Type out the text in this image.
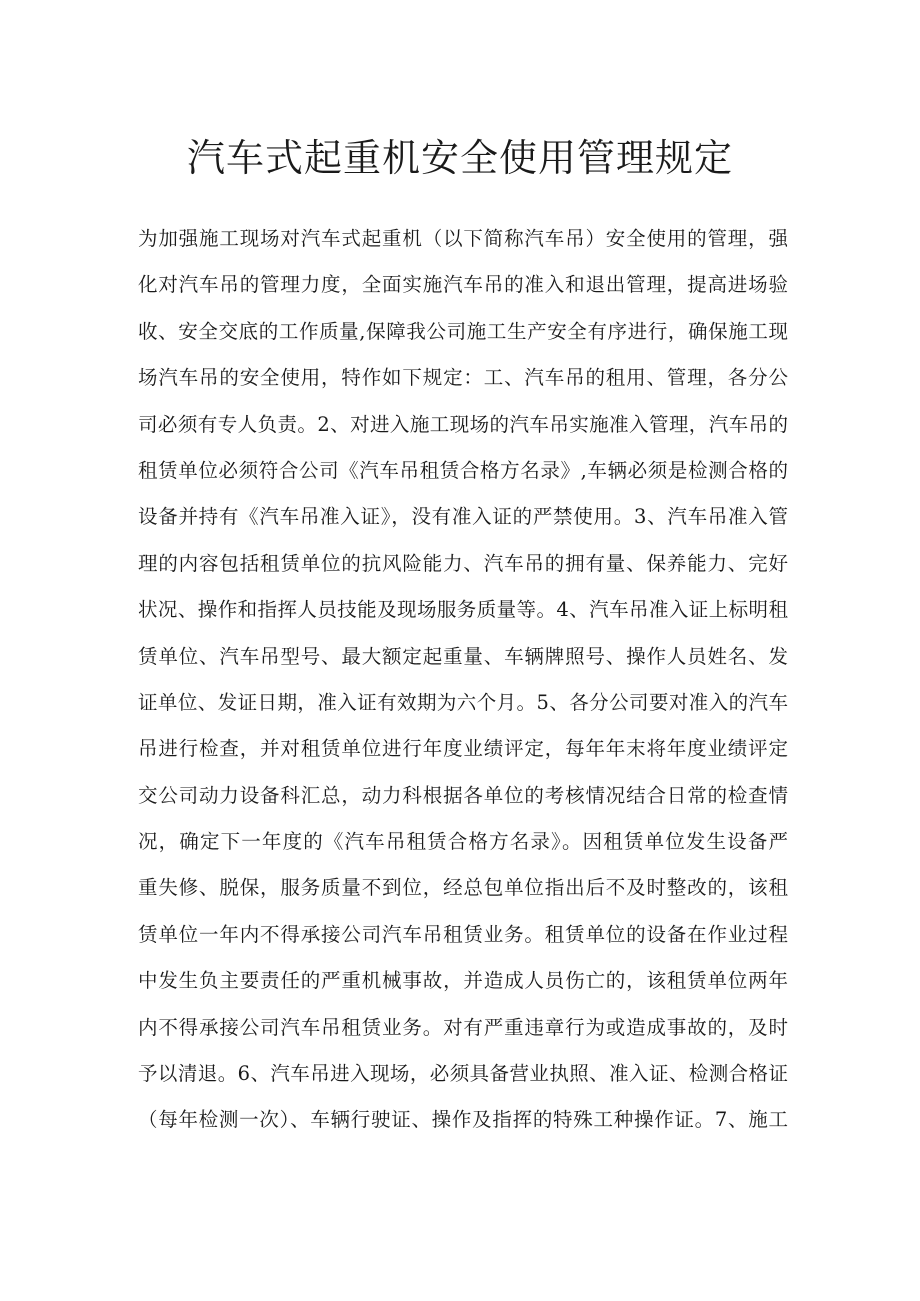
汽车式起重机安全使用管理规定
为加强施工现场对汽车式起重机（以下简称汽车吊）安全使用的管理，强
化对汽车吊的管理力度，全面实施汽车吊的准入和退出管理，提高进场验
收、安全交底的工作质量,保障我公司施工生产安全有序进行，确保施工现
场汽车吊的安全使用，特作如下规定：工、汽车吊的租用、管理，各分公
司必须有专人负责。2、对进入施工现场的汽车吊实施准入管理，汽车吊的
租赁单位必须符合公司《汽车吊租赁合格方名录》,车辆必须是检测合格的
设备并持有《汽车吊准入证》，没有准入证的严禁使用。3、汽车吊准入管
理的内容包括租赁单位的抗风险能力、汽车吊的拥有量、保养能力、完好
状况、操作和指挥人员技能及现场服务质量等。4、汽车吊准入证上标明租
赁单位、汽车吊型号、最大额定起重量、车辆牌照号、操作人员姓名、发
证单位、发证日期，准入证有效期为六个月。5、各分公司要对准入的汽车
吊进行检查，并对租赁单位进行年度业绩评定，每年年末将年度业绩评定
交公司动力设备科汇总，动力科根据各单位的考核情况结合日常的检查情
况，确定下一年度的《汽车吊租赁合格方名录》。因租赁单位发生设备严
重失修、脱保，服务质量不到位，经总包单位指出后不及时整改的，该租
赁单位一年内不得承接公司汽车吊租赁业务。租赁单位的设备在作业过程
中发生负主要责任的严重机械事故，并造成人员伤亡的，该租赁单位两年
内不得承接公司汽车吊租赁业务。对有严重违章行为或造成事故的，及时
予以清退。6、汽车吊进入现场，必须具备营业执照、准入证、检测合格证
（每年检测一次）、车辆行驶证、操作及指挥的特殊工种操作证。7、施工
